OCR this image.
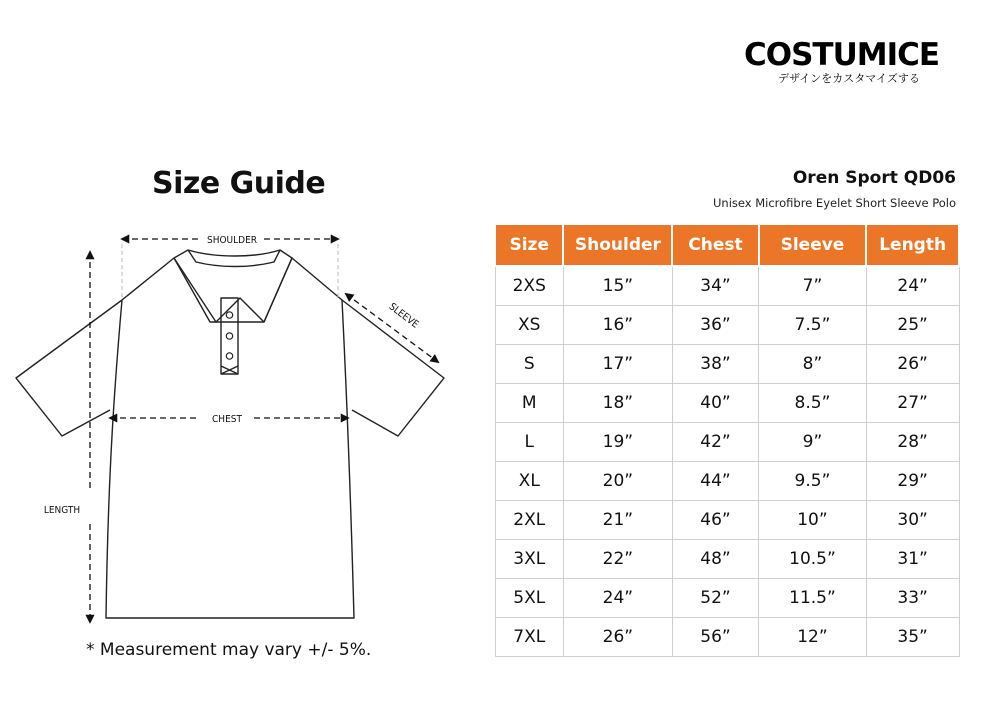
COSTUMICE
デザインをカスタマイズする
Size Guide
SHOULDER
SLEEVE
CHEST
LENGTH
* Measurement may vary +/- 5%.
Oren Sport QD06
Unisex Microfibre Eyelet Short Sleeve Polo
Size	Shoulder	Chest	Sleeve	Length
2XS	15”	34”	7”	24”
XS	16”	36”	7.5”	25”
S	17”	38”	8”	26”
M	18”	40”	8.5”	27”
L	19”	42”	9”	28”
XL	20”	44”	9.5”	29”
2XL	21”	46”	10”	30”
3XL	22”	48”	10.5”	31”
5XL	24”	52”	11.5”	33”
7XL	26”	56”	12”	35”
